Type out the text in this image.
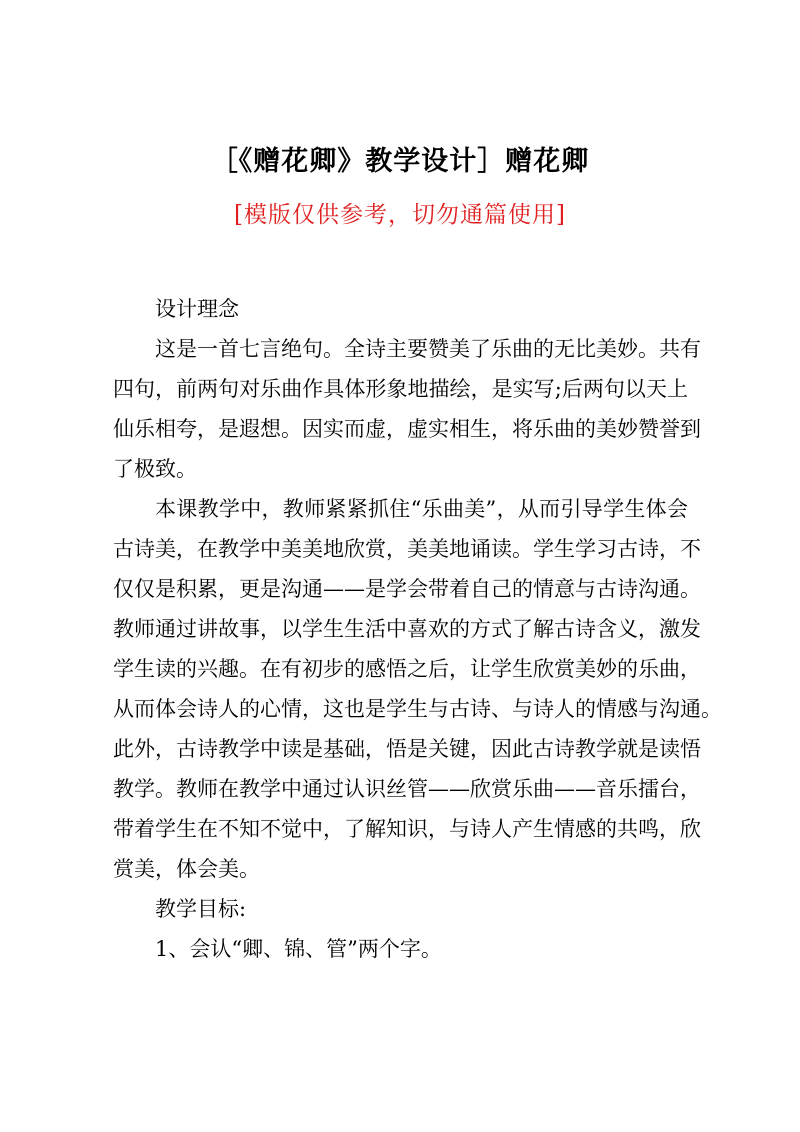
［《赠花卿》教学设计］赠花卿
[模版仅供参考，切勿通篇使用]
设计理念
这是一首七言绝句。全诗主要赞美了乐曲的无比美妙。共有
四句，前两句对乐曲作具体形象地描绘，是实写;后两句以天上
仙乐相夸，是遐想。因实而虚，虚实相生，将乐曲的美妙赞誉到
了极致。
本课教学中，教师紧紧抓住“乐曲美”，从而引导学生体会
古诗美，在教学中美美地欣赏，美美地诵读。学生学习古诗，不
仅仅是积累，更是沟通——是学会带着自己的情意与古诗沟通。
教师通过讲故事，以学生生活中喜欢的方式了解古诗含义，激发
学生读的兴趣。在有初步的感悟之后，让学生欣赏美妙的乐曲，
从而体会诗人的心情，这也是学生与古诗、与诗人的情感与沟通。
此外，古诗教学中读是基础，悟是关键，因此古诗教学就是读悟
教学。教师在教学中通过认识丝管——欣赏乐曲——音乐擂台，
带着学生在不知不觉中，了解知识，与诗人产生情感的共鸣，欣
赏美，体会美。
教学目标:
1、会认“卿、锦、管”两个字。
